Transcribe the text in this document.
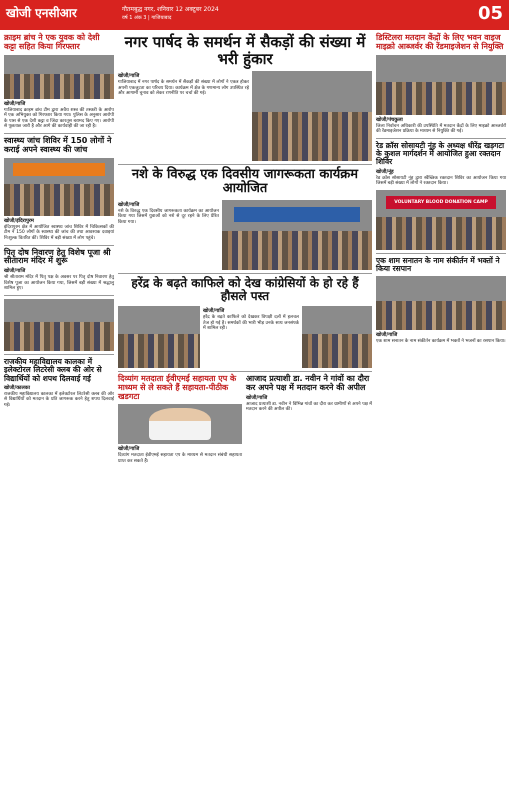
खोजी एनसीआर	गौतमबुद्ध नगर, शनिवार 12 अक्टूबर 2024
वर्ष 1 अंक 3 | गाजियाबाद	05
क्राइम ब्रांच ने एक युवक को देशी कट्टा सहित किया गिरफ्तार
खोजी/गाजि
गाजियाबाद क्राइम ब्रांच टीम द्वारा अवैध शस्त्र की तस्करी के आरोप में एक अभियुक्त को गिरफ्तार किया गया। पुलिस के अनुसार आरोपी के पास से एक देशी कट्टा व जिंदा कारतूस बरामद किए गए। आरोपी से पूछताछ जारी है और आगे की कार्यवाही की जा रही है।
स्वास्थ्य जांच शिविर में 150 लोगों ने कराई अपने स्वास्थ्य की जांच
खोजी/इंदिरापुरम
इंदिरापुरम क्षेत्र में आयोजित स्वास्थ्य जांच शिविर में चिकित्सकों की टीम ने 150 लोगों के स्वास्थ्य की जांच की तथा आवश्यक दवाइयां निःशुल्क वितरित कीं। शिविर में बड़ी संख्या में लोग पहुंचे।
पितृ दोष निवारण हेतु विशेष पूजा श्री सीताराम मंदिर में शुरू
खोजी/गाजि
श्री सीताराम मंदिर में पितृ पक्ष के अवसर पर पितृ दोष निवारण हेतु विशेष पूजा का आयोजन किया गया, जिसमें बड़ी संख्या में श्रद्धालु शामिल हुए।
राजकीय महाविद्यालय कालका में इलेक्टोरल लिटरेसी क्लब की ओर से विद्यार्थियों को शपथ दिलवाई गई
खोजी/कालका
राजकीय महाविद्यालय कालका में इलेक्टोरल लिटरेसी क्लब की ओर से विद्यार्थियों को मतदान के प्रति जागरूक करने हेतु शपथ दिलवाई गई।
नगर पार्षद के समर्थन में सैकड़ों की संख्या में भरी हुंकार
खोजी/गाजि
गाजियाबाद में नगर पार्षद के समर्थन में सैकड़ों की संख्या में लोगों ने एकत्र होकर अपनी एकजुटता का परिचय दिया। कार्यक्रम में क्षेत्र के गणमान्य लोग उपस्थित रहे और आगामी चुनाव को लेकर रणनीति पर चर्चा की गई।
नशे के विरुद्ध एक दिवसीय जागरूकता कार्यक्रम आयोजित
खोजी/गाजि
नशे के विरुद्ध एक दिवसीय जागरूकता कार्यक्रम का आयोजन किया गया जिसमें युवाओं को नशे से दूर रहने के लिए प्रेरित किया गया।
हरेंद्र के बढ़ते काफिले को देख कांग्रेसियों के हो रहे हैं हौसले पस्त
खोजी/गाजि
हरेंद्र के बढ़ते काफिले को देखकर विपक्षी दलों में हलचल तेज हो गई है। समर्थकों की भारी भीड़ उनके साथ जनसंपर्क में शामिल रही।
दिव्यांग मतदाता ईवीएमई सहायता एप के माध्यम से ले सकते हैं सहायता-पीठीक खडगटा
खोजी/गाजि
दिव्यांग मतदाता ईवीएमई सहायता एप के माध्यम से मतदान संबंधी सहायता प्राप्त कर सकते हैं।
आजाद प्रत्याशी डा. नवीन ने गांवों का दौरा कर अपने पक्ष में मतदान करने की अपील
खोजी/गाजि
आजाद प्रत्याशी डा. नवीन ने विभिन्न गांवों का दौरा कर ग्रामीणों से अपने पक्ष में मतदान करने की अपील की।
डिस्टिलरा मतदान केंद्रों के लिए भवन वाइज माइक्रो आब्जर्वर की रेंडमाइजेशन से नियुक्ति
खोजी/पंचकुला
जिला निर्वाचन अधिकारी की उपस्थिति में मतदान केंद्रों के लिए माइक्रो आब्जर्वरों की रेंडमाइजेशन प्रक्रिया के माध्यम से नियुक्ति की गई।
रेड क्रॉस सोसायटी नूंह के अध्यक्ष धीरेंद्र खड़गटा के कुशल मार्गदर्शन में आयोजित हुआ रक्तदान शिविर
खोजी/नूंह
रेड क्रॉस सोसायटी नूंह द्वारा स्वैच्छिक रक्तदान शिविर का आयोजन किया गया जिसमें बड़ी संख्या में लोगों ने रक्तदान किया।
VOLUNTARY BLOOD DONATION CAMP
एक शाम सनातन के नाम संकीर्तन में भक्तों ने किया रसपान
खोजी/गाजि
एक शाम सनातन के नाम संकीर्तन कार्यक्रम में भक्तों ने भजनों का रसपान किया।
